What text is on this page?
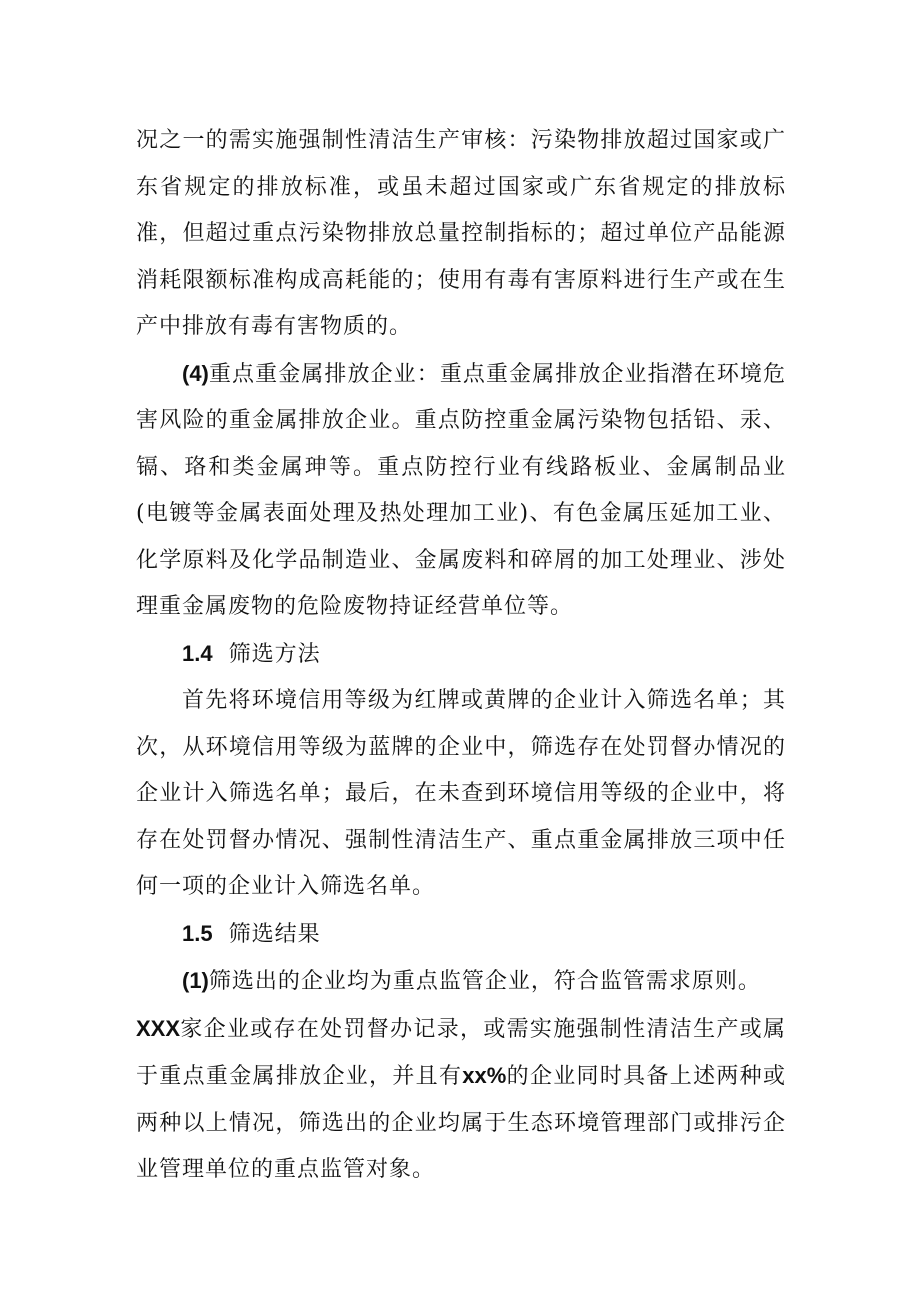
况之一的需实施强制性清洁生产审核：污染物排放超过国家或广东省规定的排放标准，或虽未超过国家或广东省规定的排放标准，但超过重点污染物排放总量控制指标的；超过单位产品能源消耗限额标准构成高耗能的；使用有毒有害原料进行生产或在生产中排放有毒有害物质的。

(4)重点重金属排放企业：重点重金属排放企业指潜在环境危害风险的重金属排放企业。重点防控重金属污染物包括铅、汞、镉、珞和类金属珅等。重点防控行业有线路板业、金属制品业(电镀等金属表面处理及热处理加工业)、有色金属压延加工业、化学原料及化学品制造业、金属废料和碎屑的加工处理业、涉处理重金属废物的危险废物持证经营单位等。

1.4 筛选方法

首先将环境信用等级为红牌或黄牌的企业计入筛选名单；其次，从环境信用等级为蓝牌的企业中，筛选存在处罚督办情况的企业计入筛选名单；最后，在未查到环境信用等级的企业中，将存在处罚督办情况、强制性清洁生产、重点重金属排放三项中任何一项的企业计入筛选名单。

1.5 筛选结果

(1)筛选出的企业均为重点监管企业，符合监管需求原则。

XXX家企业或存在处罚督办记录，或需实施强制性清洁生产或属于重点重金属排放企业，并且有xx%的企业同时具备上述两种或两种以上情况，筛选出的企业均属于生态环境管理部门或排污企业管理单位的重点监管对象。
